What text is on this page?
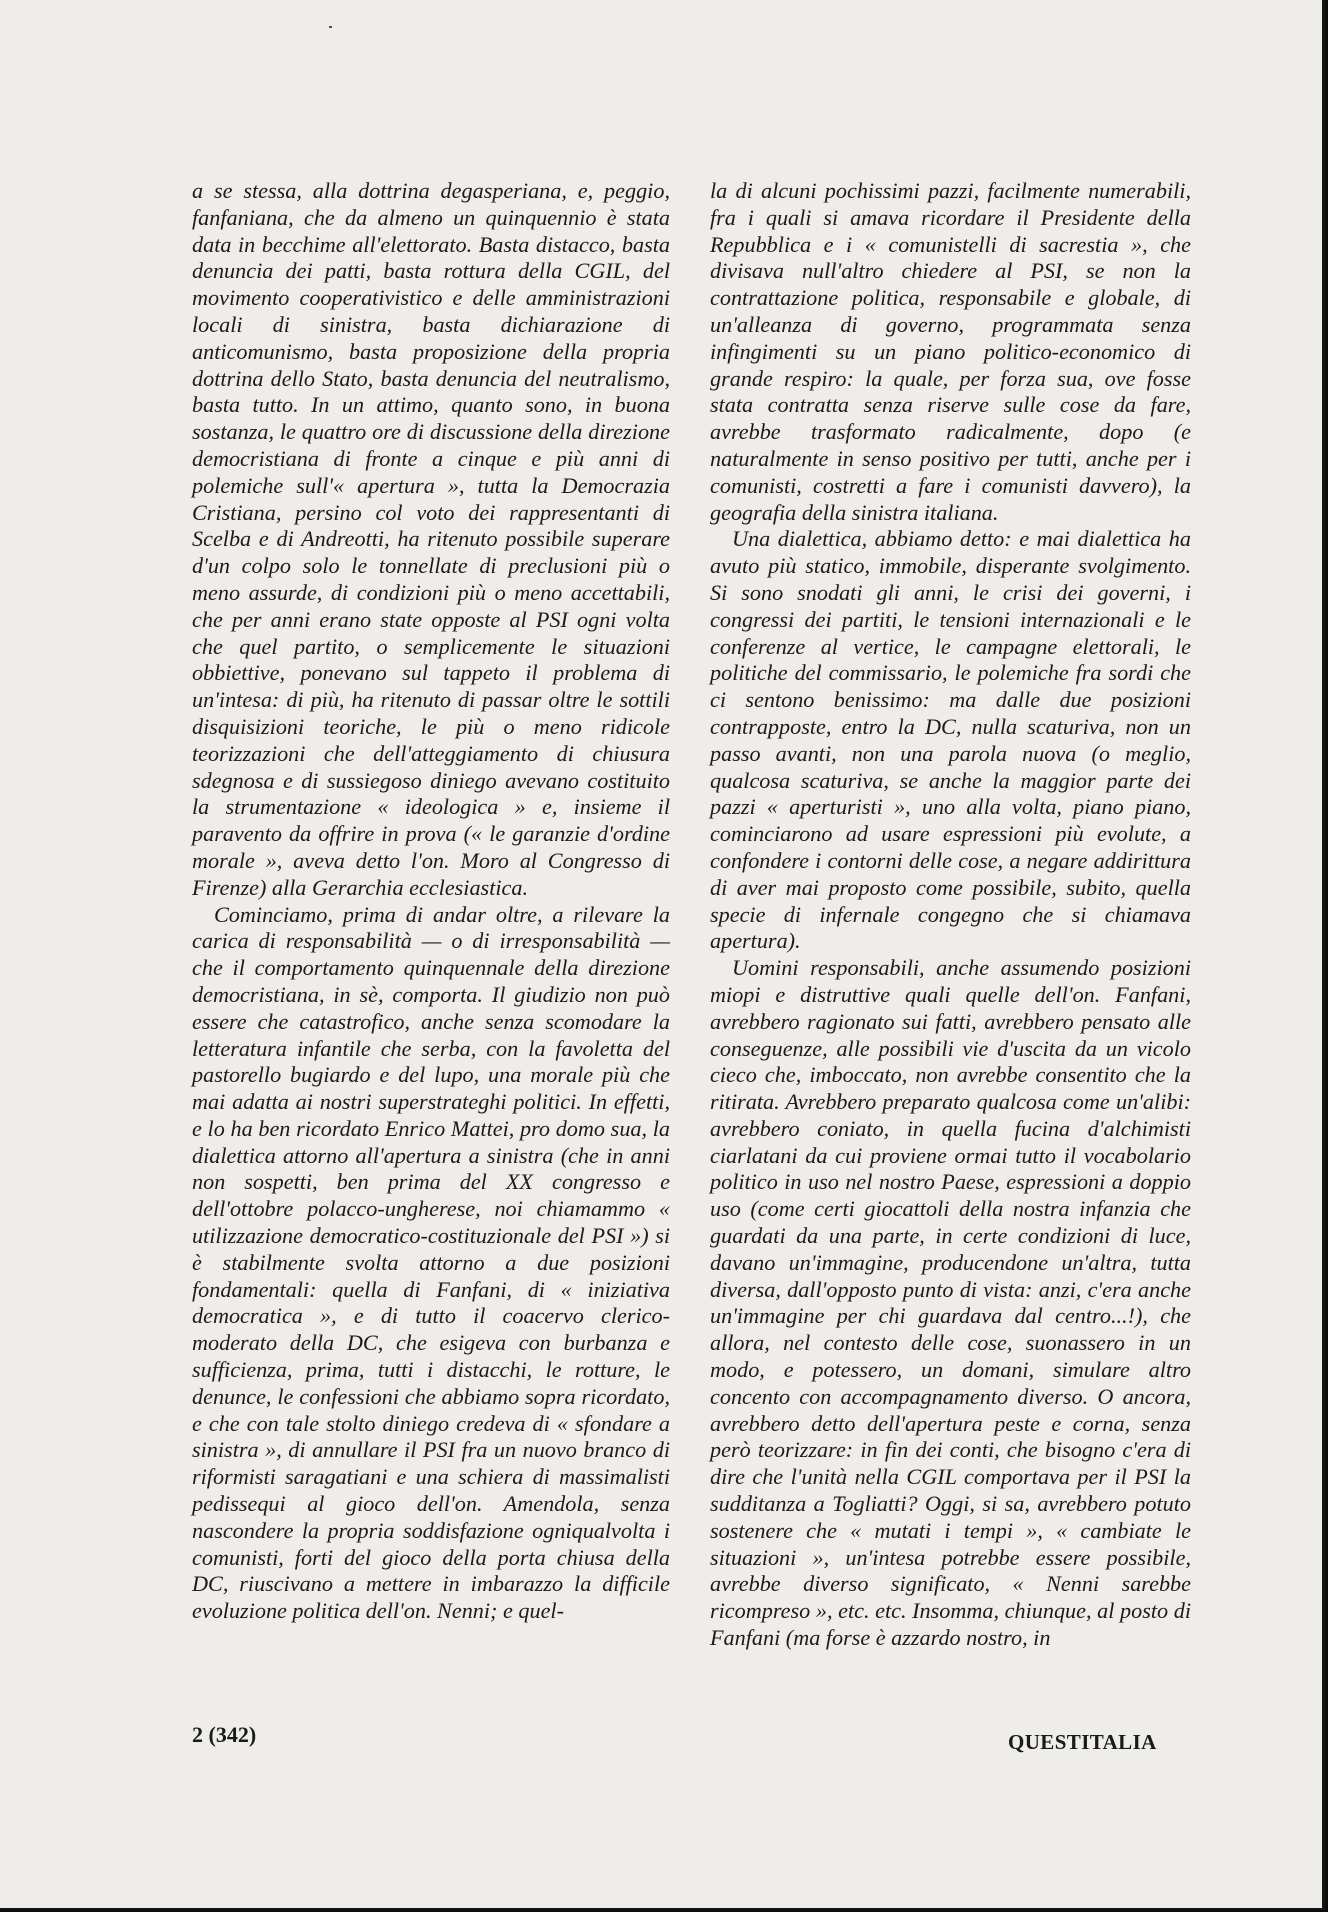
a se stessa, alla dottrina degasperiana, e, peggio, fanfaniana, che da almeno un quinquennio è stata data in becchime all'elettorato. Basta distacco, basta denuncia dei patti, basta rottura della CGIL, del movimento cooperativistico e delle amministrazioni locali di sinistra, basta dichiarazione di anticomunismo, basta proposizione della propria dottrina dello Stato, basta denuncia del neutralismo, basta tutto. In un attimo, quanto sono, in buona sostanza, le quattro ore di discussione della direzione democristiana di fronte a cinque e più anni di polemiche sull'« apertura », tutta la Democrazia Cristiana, persino col voto dei rappresentanti di Scelba e di Andreotti, ha ritenuto possibile superare d'un colpo solo le tonnellate di preclusioni più o meno assurde, di condizioni più o meno accettabili, che per anni erano state opposte al PSI ogni volta che quel partito, o semplicemente le situazioni obbiettive, ponevano sul tappeto il problema di un'intesa: di più, ha ritenuto di passar oltre le sottili disquisizioni teoriche, le più o meno ridicole teorizzazioni che dell'atteggiamento di chiusura sdegnosa e di sussiegoso diniego avevano costituito la strumentazione « ideologica » e, insieme il paravento da offrire in prova (« le garanzie d'ordine morale », aveva detto l'on. Moro al Congresso di Firenze) alla Gerarchia ecclesiastica.

Cominciamo, prima di andar oltre, a rilevare la carica di responsabilità — o di irresponsabilità — che il comportamento quinquennale della direzione democristiana, in sè, comporta. Il giudizio non può essere che catastrofico, anche senza scomodare la letteratura infantile che serba, con la favoletta del pastorello bugiardo e del lupo, una morale più che mai adatta ai nostri superstrateghi politici. In effetti, e lo ha ben ricordato Enrico Mattei, pro domo sua, la dialettica attorno all'apertura a sinistra (che in anni non sospetti, ben prima del XX congresso e dell'ottobre polacco-ungherese, noi chiamammo « utilizzazione democratico-costituzionale del PSI ») si è stabilmente svolta attorno a due posizioni fondamentali: quella di Fanfani, di « iniziativa democratica », e di tutto il coacervo clerico-moderato della DC, che esigeva con burbanza e sufficienza, prima, tutti i distacchi, le rotture, le denunce, le confessioni che abbiamo sopra ricordato, e che con tale stolto diniego credeva di « sfondare a sinistra », di annullare il PSI fra un nuovo branco di riformisti saragatiani e una schiera di massimalisti pedissequi al gioco dell'on. Amendola, senza nascondere la propria soddisfazione ogniqualvolta i comunisti, forti del gioco della porta chiusa della DC, riuscivano a mettere in imbarazzo la difficile evoluzione politica dell'on. Nenni; e quel-

la di alcuni pochissimi pazzi, facilmente numerabili, fra i quali si amava ricordare il Presidente della Repubblica e i « comunistelli di sacrestia », che divisava null'altro chiedere al PSI, se non la contrattazione politica, responsabile e globale, di un'alleanza di governo, programmata senza infingimenti su un piano politico-economico di grande respiro: la quale, per forza sua, ove fosse stata contratta senza riserve sulle cose da fare, avrebbe trasformato radicalmente, dopo (e naturalmente in senso positivo per tutti, anche per i comunisti, costretti a fare i comunisti davvero), la geografia della sinistra italiana.

Una dialettica, abbiamo detto: e mai dialettica ha avuto più statico, immobile, disperante svolgimento. Si sono snodati gli anni, le crisi dei governi, i congressi dei partiti, le tensioni internazionali e le conferenze al vertice, le campagne elettorali, le politiche del commissario, le polemiche fra sordi che ci sentono benissimo: ma dalle due posizioni contrapposte, entro la DC, nulla scaturiva, non un passo avanti, non una parola nuova (o meglio, qualcosa scaturiva, se anche la maggior parte dei pazzi « aperturisti », uno alla volta, piano piano, cominciarono ad usare espressioni più evolute, a confondere i contorni delle cose, a negare addirittura di aver mai proposto come possibile, subito, quella specie di infernale congegno che si chiamava apertura).

Uomini responsabili, anche assumendo posizioni miopi e distruttive quali quelle dell'on. Fanfani, avrebbero ragionato sui fatti, avrebbero pensato alle conseguenze, alle possibili vie d'uscita da un vicolo cieco che, imboccato, non avrebbe consentito che la ritirata. Avrebbero preparato qualcosa come un'alibi: avrebbero coniato, in quella fucina d'alchimisti ciarlatani da cui proviene ormai tutto il vocabolario politico in uso nel nostro Paese, espressioni a doppio uso (come certi giocattoli della nostra infanzia che guardati da una parte, in certe condizioni di luce, davano un'immagine, producendone un'altra, tutta diversa, dall'opposto punto di vista: anzi, c'era anche un'immagine per chi guardava dal centro...!), che allora, nel contesto delle cose, suonassero in un modo, e potessero, un domani, simulare altro concento con accompagnamento diverso. O ancora, avrebbero detto dell'apertura peste e corna, senza però teorizzare: in fin dei conti, che bisogno c'era di dire che l'unità nella CGIL comportava per il PSI la sudditanza a Togliatti? Oggi, si sa, avrebbero potuto sostenere che « mutati i tempi », « cambiate le situazioni », un'intesa potrebbe essere possibile, avrebbe diverso significato, « Nenni sarebbe ricompreso », etc. etc. Insomma, chiunque, al posto di Fanfani (ma forse è azzardo nostro, in

2 (342)	QUESTITALIA
